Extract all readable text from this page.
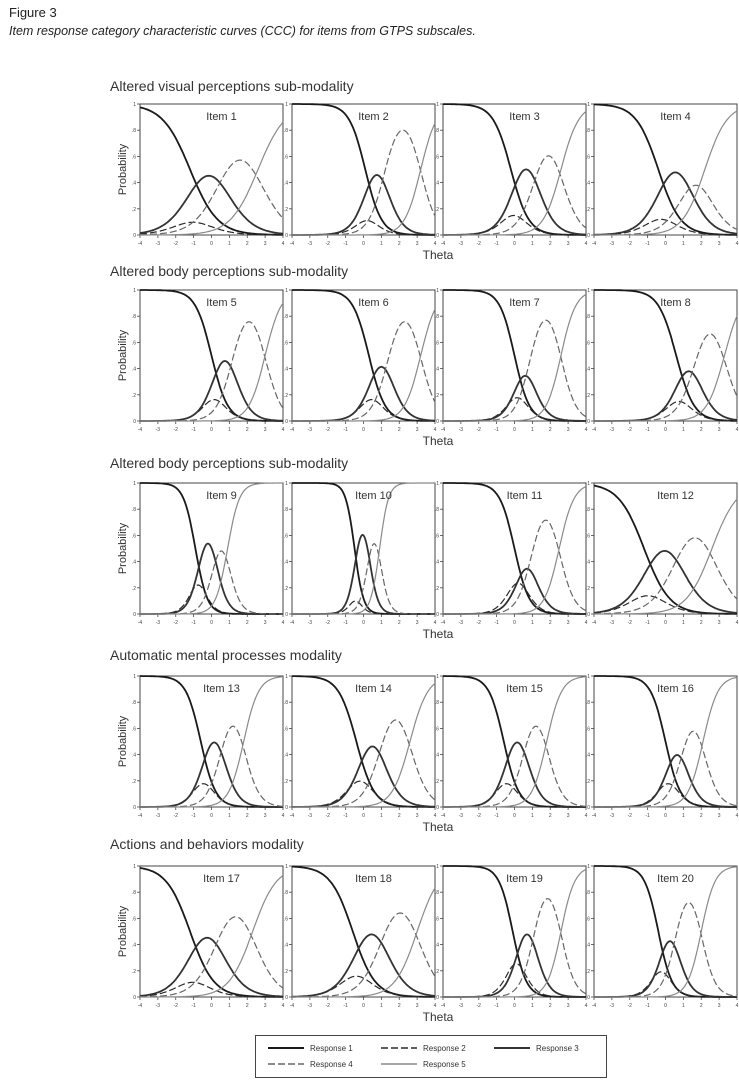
Figure 3
Item response category characteristic curves (CCC) for items from GTPS subscales.
Altered visual perceptions sub-modality
Altered body perceptions sub-modality
Altered body perceptions sub-modality
Automatic mental processes modality
Actions and behaviors modality
Probability
Theta
-4	-3	-2	-1	0	1	2	3	4
0
.2
.4
.6
.8
1
Item 1
-4	-3	-2	-1	0	1	2	3	4
0
.2
.4
.6
.8
1
Item 2
-4	-3	-2	-1	0	1	2	3	4
0
.2
.4
.6
.8
1
Item 3
-4	-3	-2	-1	0	1	2	3	4
0
.2
.4
.6
.8
1
Item 4
Probability
Theta
-4	-3	-2	-1	0	1	2	3	4
0
.2
.4
.6
.8
1
Item 5
-4	-3	-2	-1	0	1	2	3	4
0
.2
.4
.6
.8
1
Item 6
-4	-3	-2	-1	0	1	2	3	4
0
.2
.4
.6
.8
1
Item 7
-4	-3	-2	-1	0	1	2	3	4
0
.2
.4
.6
.8
1
Item 8
Probability
Theta
-4	-3	-2	-1	0	1	2	3	4
0
.2
.4
.6
.8
1
Item 9
-4	-3	-2	-1	0	1	2	3	4
0
.2
.4
.6
.8
1
Item 10
-4	-3	-2	-1	0	1	2	3	4
0
.2
.4
.6
.8
1
Item 11
-4	-3	-2	-1	0	1	2	3	4
0
.2
.4
.6
.8
1
Item 12
Probability
Theta
-4	-3	-2	-1	0	1	2	3	4
0
.2
.4
.6
.8
1
Item 13
-4	-3	-2	-1	0	1	2	3	4
0
.2
.4
.6
.8
1
Item 14
-4	-3	-2	-1	0	1	2	3	4
0
.2
.4
.6
.8
1
Item 15
-4	-3	-2	-1	0	1	2	3	4
0
.2
.4
.6
.8
1
Item 16
Probability
Theta
-4	-3	-2	-1	0	1	2	3	4
0
.2
.4
.6
.8
1
Item 17
-4	-3	-2	-1	0	1	2	3	4
0
.2
.4
.6
.8
1
Item 18
-4	-3	-2	-1	0	1	2	3	4
0
.2
.4
.6
.8
1
Item 19
-4	-3	-2	-1	0	1	2	3	4
0
.2
.4
.6
.8
1
Item 20
Response 1	Response 2	Response 3
Response 4	Response 5
